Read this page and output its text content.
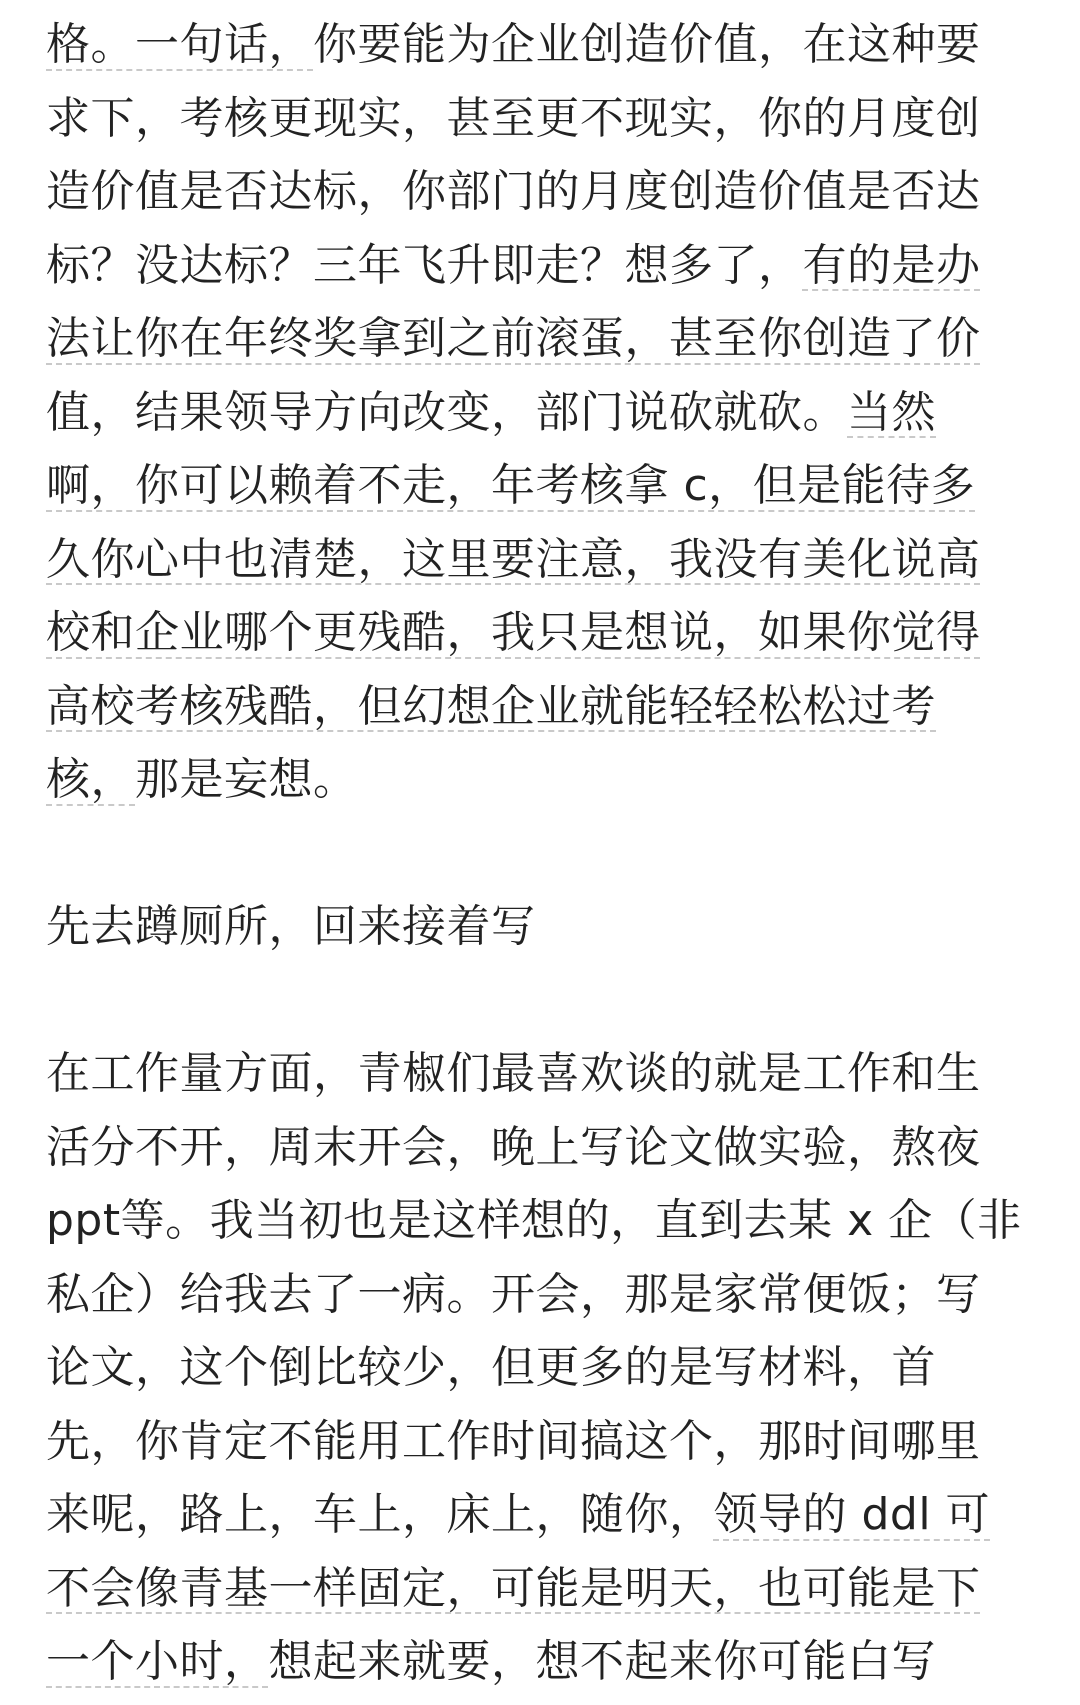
格。一句话，你要能为企业创造价值，在这种要
求下，考核更现实，甚至更不现实，你的月度创
造价值是否达标，你部门的月度创造价值是否达
标？没达标？三年飞升即走？想多了，有的是办
法让你在年终奖拿到之前滚蛋，甚至你创造了价
值，结果领导方向改变，部门说砍就砍。当然
啊，你可以赖着不走，年考核拿 c，但是能待多
久你心中也清楚，这里要注意，我没有美化说高
校和企业哪个更残酷，我只是想说，如果你觉得
高校考核残酷，但幻想企业就能轻轻松松过考
核，那是妄想。
先去蹲厕所，回来接着写
在工作量方面，青椒们最喜欢谈的就是工作和生
活分不开，周末开会，晚上写论文做实验，熬夜
ppt等。我当初也是这样想的，直到去某 x 企（非
私企）给我去了一病。开会，那是家常便饭；写
论文，这个倒比较少，但更多的是写材料，首
先，你肯定不能用工作时间搞这个，那时间哪里
来呢，路上，车上，床上，随你，领导的 ddl 可
不会像青基一样固定，可能是明天，也可能是下
一个小时，想起来就要，想不起来你可能白写
